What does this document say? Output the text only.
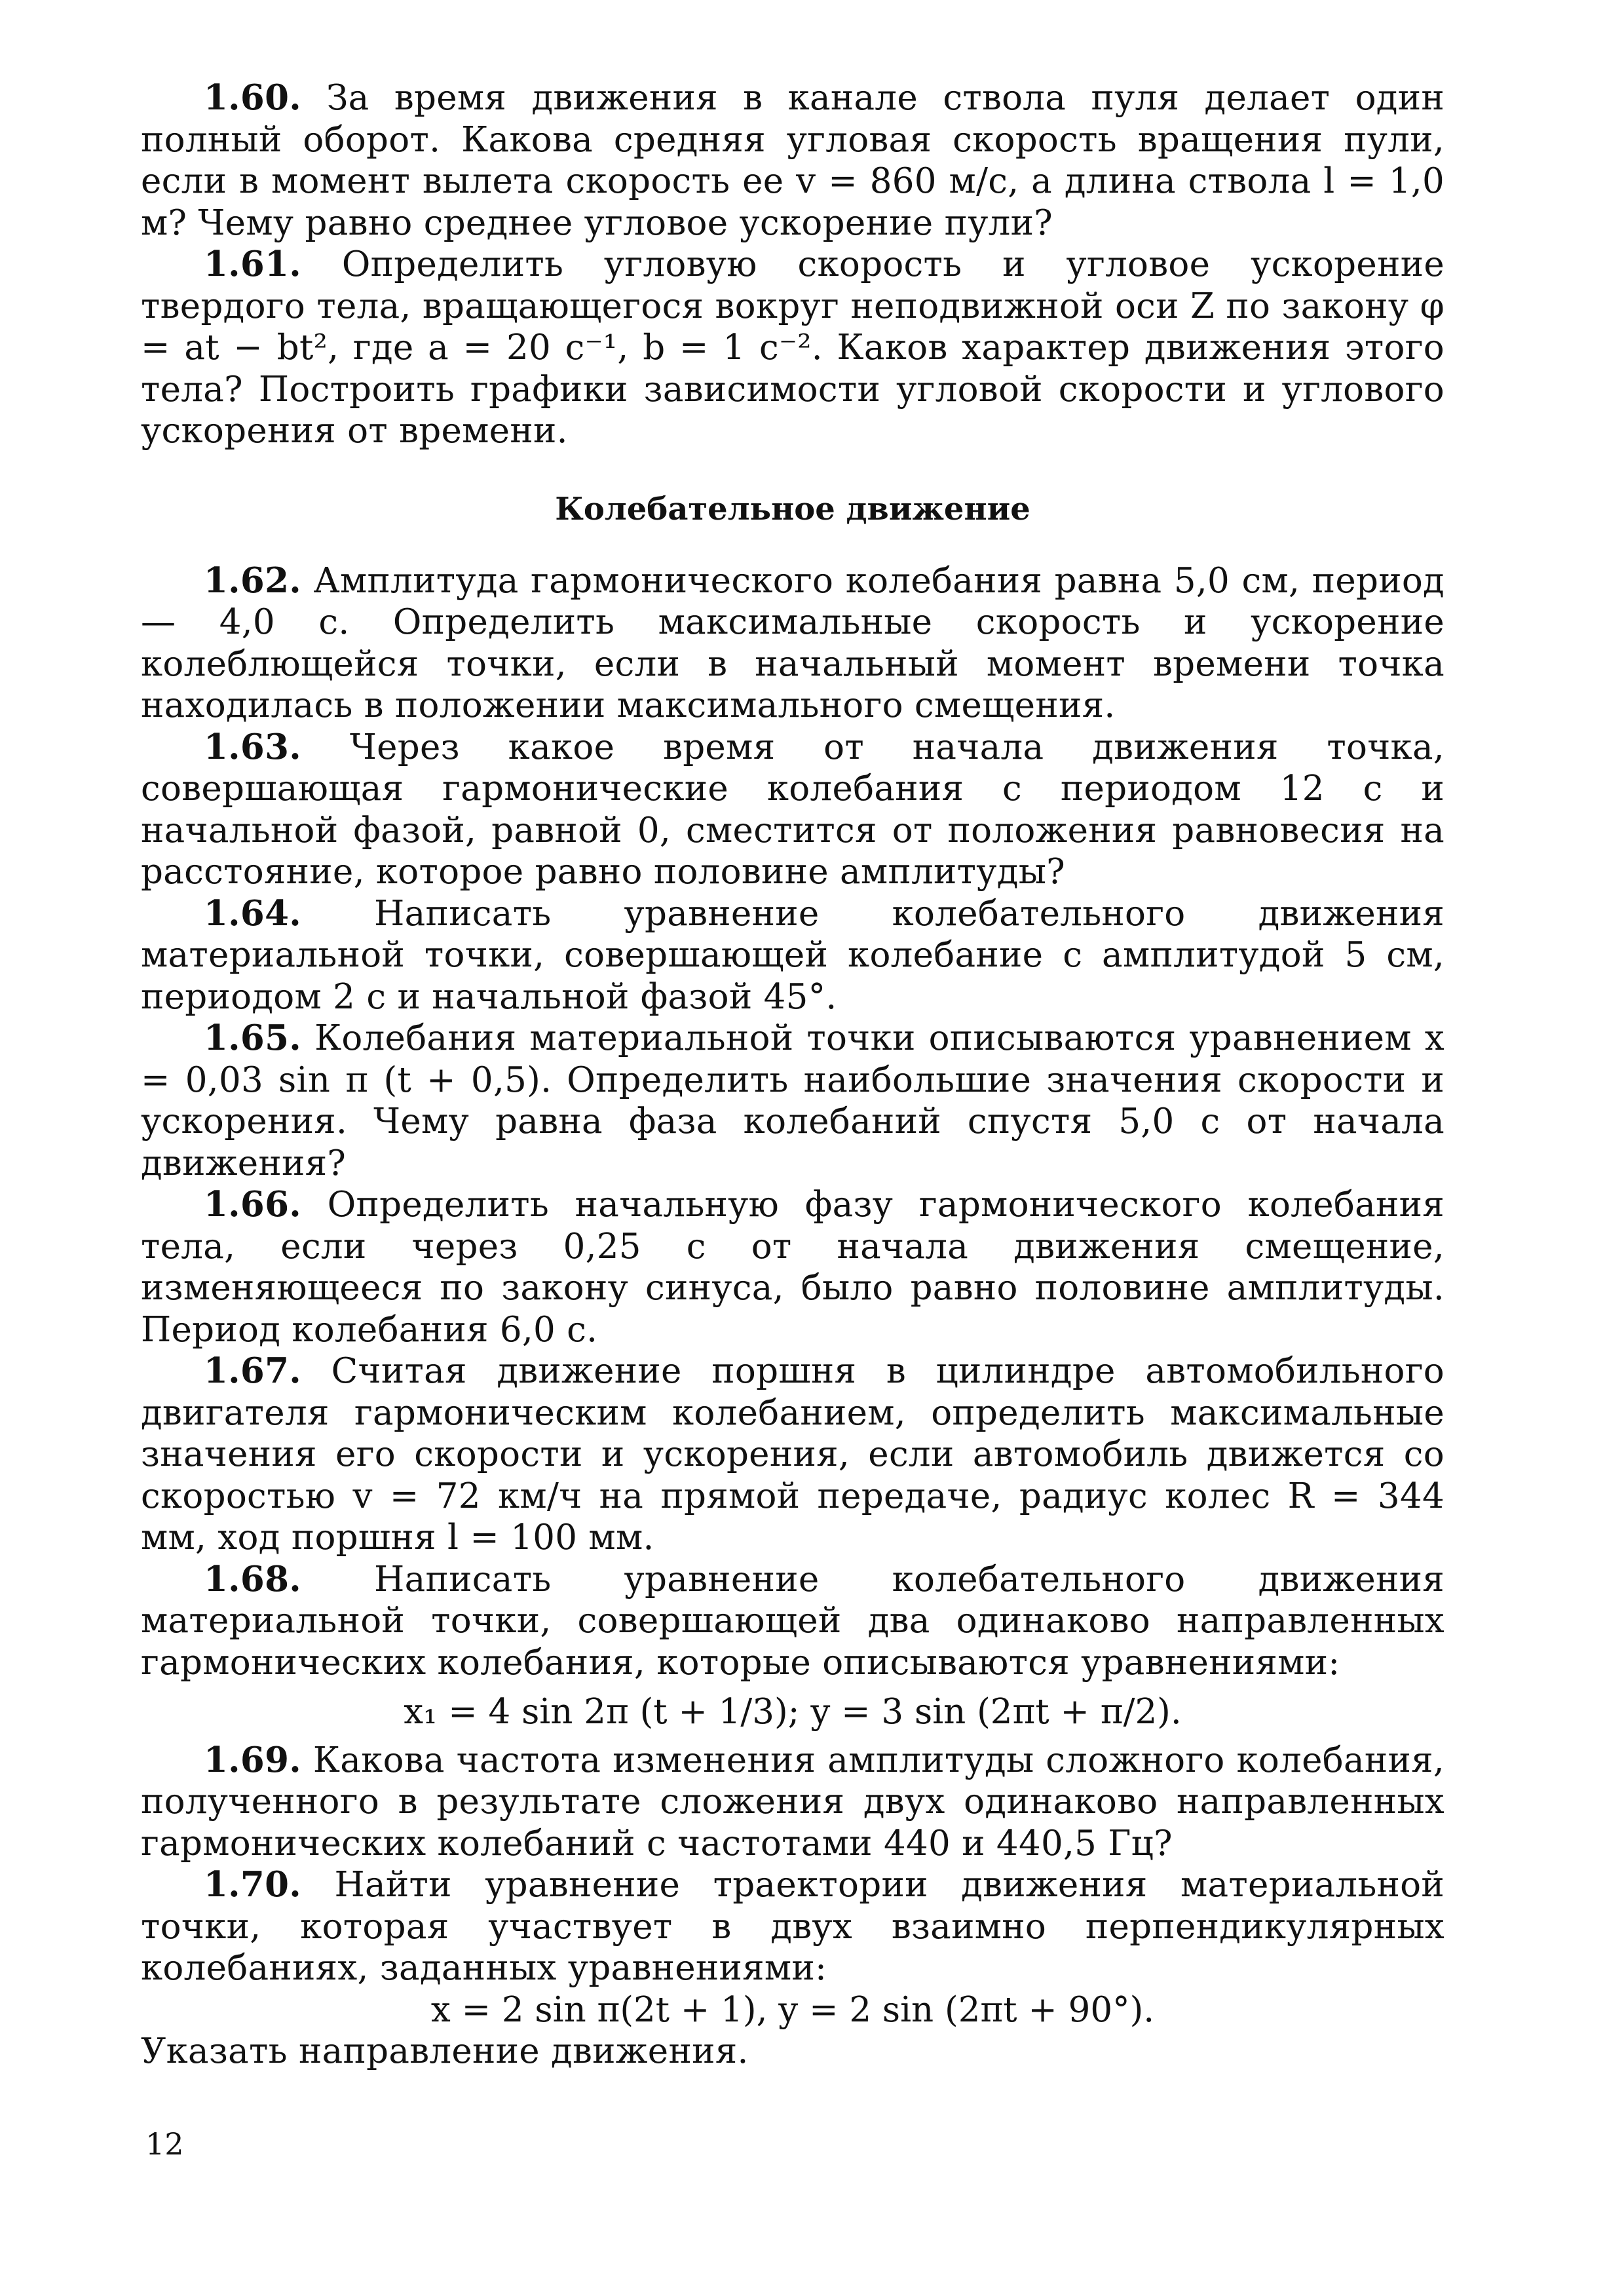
1.60. За время движения в канале ствола пуля делает один полный оборот. Какова средняя угловая скорость вращения пули, если в момент вылета скорость ее v = 860 м/с, а длина ствола l = 1,0 м? Чему равно среднее угловое ускорение пули?

1.61. Определить угловую скорость и угловое ускорение твердого тела, вращающегося вокруг неподвижной оси Z по закону φ = at − bt², где a = 20 с⁻¹, b = 1 с⁻². Каков характер движения этого тела? Построить графики зависимости угловой скорости и углового ускорения от времени.

Колебательное движение

1.62. Амплитуда гармонического колебания равна 5,0 см, период — 4,0 с. Определить максимальные скорость и ускорение колеблющейся точки, если в начальный момент времени точка находилась в положении максимального смещения.

1.63. Через какое время от начала движения точка, совершающая гармонические колебания с периодом 12 с и начальной фазой, равной 0, сместится от положения равновесия на расстояние, которое равно половине амплитуды?

1.64. Написать уравнение колебательного движения материальной точки, совершающей колебание с амплитудой 5 см, периодом 2 с и начальной фазой 45°.

1.65. Колебания материальной точки описываются уравнением x = 0,03 sin π (t + 0,5). Определить наибольшие значения скорости и ускорения. Чему равна фаза колебаний спустя 5,0 с от начала движения?

1.66. Определить начальную фазу гармонического колебания тела, если через 0,25 с от начала движения смещение, изменяющееся по закону синуса, было равно половине амплитуды. Период колебания 6,0 с.

1.67. Считая движение поршня в цилиндре автомобильного двигателя гармоническим колебанием, определить максимальные значения его скорости и ускорения, если автомобиль движется со скоростью v = 72 км/ч на прямой передаче, радиус колес R = 344 мм, ход поршня l = 100 мм.

1.68. Написать уравнение колебательного движения материальной точки, совершающей два одинаково направленных гармонических колебания, которые описываются уравнениями:

x₁ = 4 sin 2π (t + 1/3); y = 3 sin (2πt + π/2).

1.69. Какова частота изменения амплитуды сложного колебания, полученного в результате сложения двух одинаково направленных гармонических колебаний с частотами 440 и 440,5 Гц?

1.70. Найти уравнение траектории движения материальной точки, которая участвует в двух взаимно перпендикулярных колебаниях, заданных уравнениями:

x = 2 sin π(2t + 1), y = 2 sin (2πt + 90°).

Указать направление движения.

12
